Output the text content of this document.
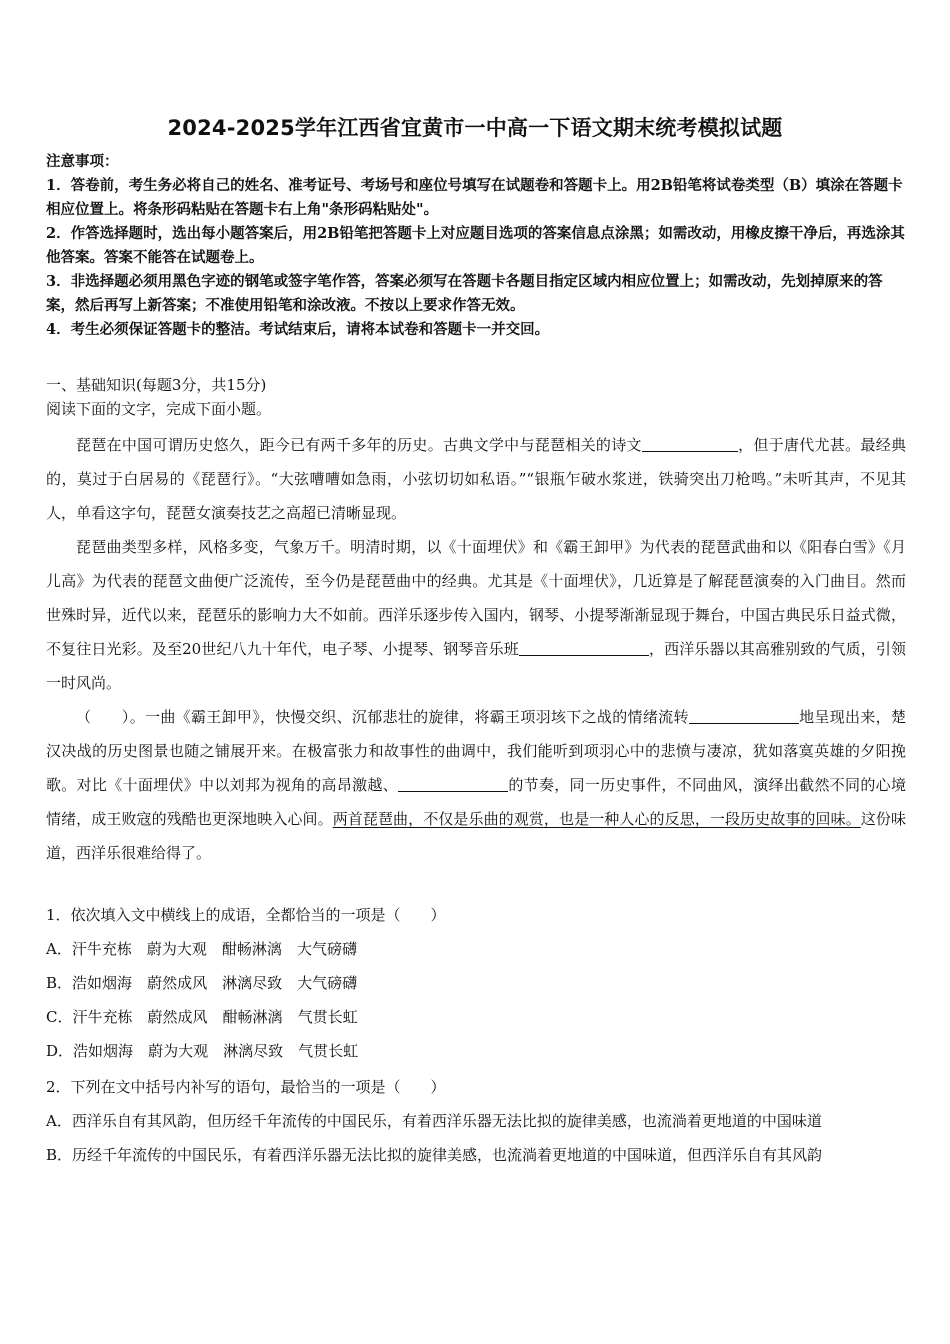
2024-2025学年江西省宜黄市一中高一下语文期末统考模拟试题

注意事项：

1．答卷前，考生务必将自己的姓名、准考证号、考场号和座位号填写在试题卷和答题卡上。用2B铅笔将试卷类型（B）填涂在答题卡相应位置上。将条形码粘贴在答题卡右上角"条形码粘贴处"。

2．作答选择题时，选出每小题答案后，用2B铅笔把答题卡上对应题目选项的答案信息点涂黑；如需改动，用橡皮擦干净后，再选涂其他答案。答案不能答在试题卷上。

3．非选择题必须用黑色字迹的钢笔或签字笔作答，答案必须写在答题卡各题目指定区域内相应位置上；如需改动，先划掉原来的答案，然后再写上新答案；不准使用铅笔和涂改液。不按以上要求作答无效。

4．考生必须保证答题卡的整洁。考试结束后，请将本试卷和答题卡一并交回。

一、基础知识(每题3分，共15分)
阅读下面的文字，完成下面小题。

琵琶在中国可谓历史悠久，距今已有两千多年的历史。古典文学中与琵琶相关的诗文	，但于唐代尤甚。最经典的，莫过于白居易的《琵琶行》。“大弦嘈嘈如急雨，小弦切切如私语。”“银瓶乍破水浆迸，铁骑突出刀枪鸣。”未听其声，不见其人，单看这字句，琵琶女演奏技艺之高超已清晰显现。

琵琶曲类型多样，风格多变，气象万千。明清时期，以《十面埋伏》和《霸王卸甲》为代表的琵琶武曲和以《阳春白雪》《月儿高》为代表的琵琶文曲便广泛流传，至今仍是琵琶曲中的经典。尤其是《十面埋伏》，几近算是了解琵琶演奏的入门曲目。然而世殊时异，近代以来，琵琶乐的影响力大不如前。西洋乐逐步传入国内，钢琴、小提琴渐渐显现于舞台，中国古典民乐日益式微，不复往日光彩。及至20世纪八九十年代，电子琴、小提琴、钢琴音乐班	，西洋乐器以其高雅别致的气质，引领一时风尚。

（　　）。一曲《霸王卸甲》，快慢交织、沉郁悲壮的旋律，将霸王项羽垓下之战的情绪流转	地呈现出来，楚汉决战的历史图景也随之铺展开来。在极富张力和故事性的曲调中，我们能听到项羽心中的悲愤与凄凉，犹如落寞英雄的夕阳挽歌。对比《十面埋伏》中以刘邦为视角的高昂激越、	的节奏，同一历史事件，不同曲风，演绎出截然不同的心境情绪，成王败寇的残酷也更深地映入心间。两首琵琶曲，不仅是乐曲的观赏，也是一种人心的反思，一段历史故事的回味。这份味道，西洋乐很难给得了。

1．依次填入文中横线上的成语，全都恰当的一项是（　　）

A．汗牛充栋　 蔚为大观　 酣畅淋漓　 大气磅礴

B．浩如烟海　 蔚然成风　 淋漓尽致　 大气磅礴

C．汗牛充栋　 蔚然成风　 酣畅淋漓　 气贯长虹

D．浩如烟海　 蔚为大观　 淋漓尽致　 气贯长虹

2．下列在文中括号内补写的语句，最恰当的一项是（　　）

A．西洋乐自有其风韵，但历经千年流传的中国民乐，有着西洋乐器无法比拟的旋律美感，也流淌着更地道的中国味道

B．历经千年流传的中国民乐，有着西洋乐器无法比拟的旋律美感，也流淌着更地道的中国味道，但西洋乐自有其风韵
